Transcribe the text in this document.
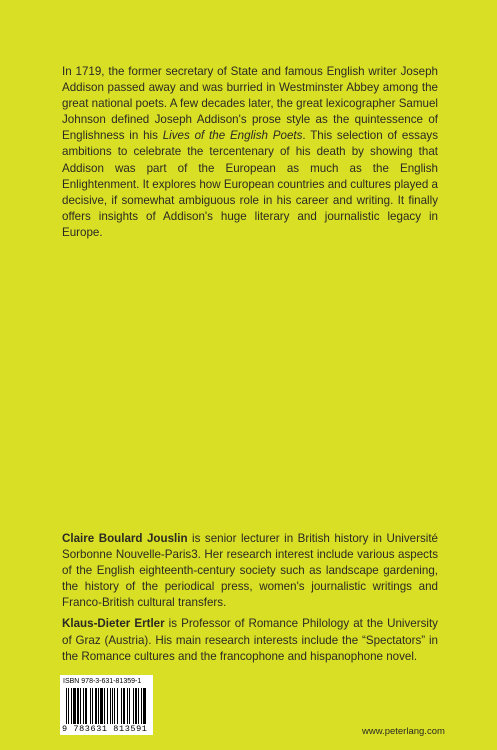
In 1719, the former secretary of State and famous English writer Joseph Addison passed away and was burried in Westminster Abbey among the great national poets. A few decades later, the great lexicographer Samuel Johnson defined Joseph Addison's prose style as the quintessence of Englishness in his Lives of the English Poets. This selection of essays ambitions to celebrate the tercentenary of his death by showing that Addison was part of the European as much as the English Enlightenment. It explores how European countries and cultures played a decisive, if somewhat ambiguous role in his career and writing. It finally offers insights of Addison's huge literary and journalistic legacy in Europe.

Claire Boulard Jouslin is senior lecturer in British history in Université Sorbonne Nouvelle-Paris3. Her research interest include various aspects of the English eighteenth-century society such as landscape gardening, the history of the periodical press, women's journalistic writings and Franco-British cultural transfers.

Klaus-Dieter Ertler is Professor of Romance Philology at the University of Graz (Austria). His main research interests include the “Spectators” in the Romance cultures and the francophone and hispanophone novel.

ISBN 978-3-631-81359-1
9 783631 813591	www.peterlang.com
